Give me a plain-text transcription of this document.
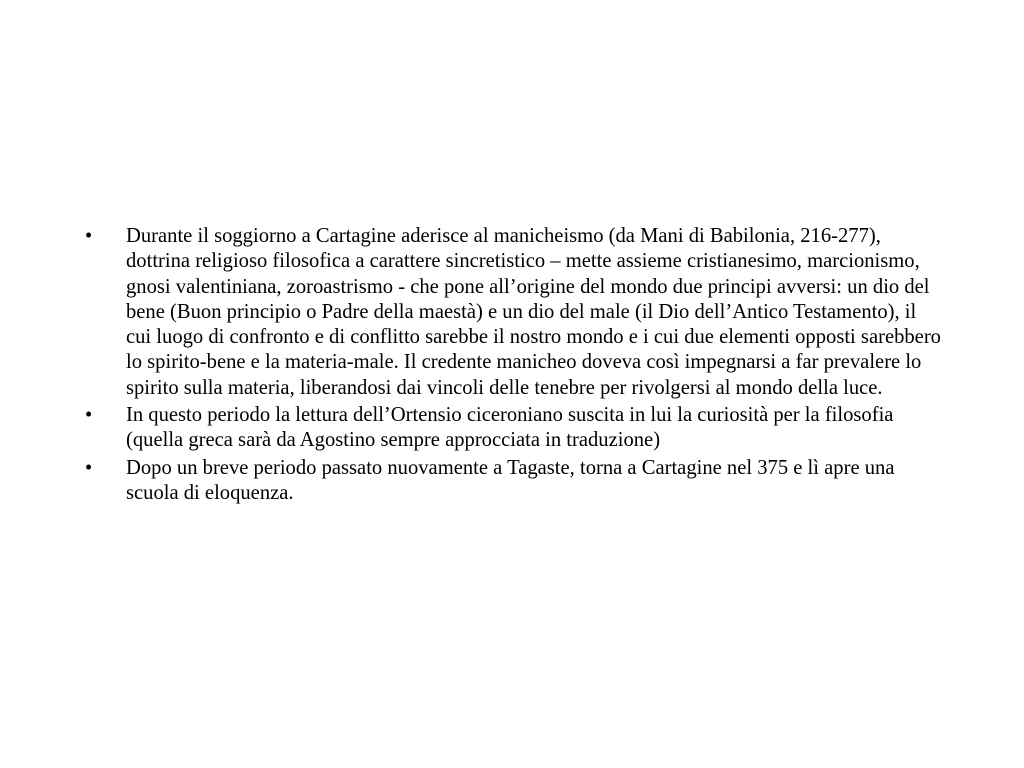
•	Durante il soggiorno a Cartagine aderisce al manicheismo (da Mani di Babilonia, 216-277), dottrina religioso filosofica a carattere sincretistico – mette assieme cristianesimo, marcionismo, gnosi valentiniana, zoroastrismo - che pone all’origine del mondo due principi avversi: un dio del bene (Buon principio o Padre della maestà) e un dio del male (il Dio dell’Antico Testamento), il cui luogo di confronto e di conflitto sarebbe il nostro mondo e i cui due elementi opposti sarebbero lo spirito-bene e la materia-male. Il credente manicheo doveva così impegnarsi a far prevalere lo spirito sulla materia, liberandosi dai vincoli delle tenebre per rivolgersi al mondo della luce.
•	In questo periodo la lettura dell’Ortensio ciceroniano suscita in lui la curiosità per la filosofia (quella greca sarà da Agostino sempre approcciata in traduzione)
•	Dopo un breve periodo passato nuovamente a Tagaste, torna a Cartagine nel 375 e lì apre una scuola di eloquenza.
